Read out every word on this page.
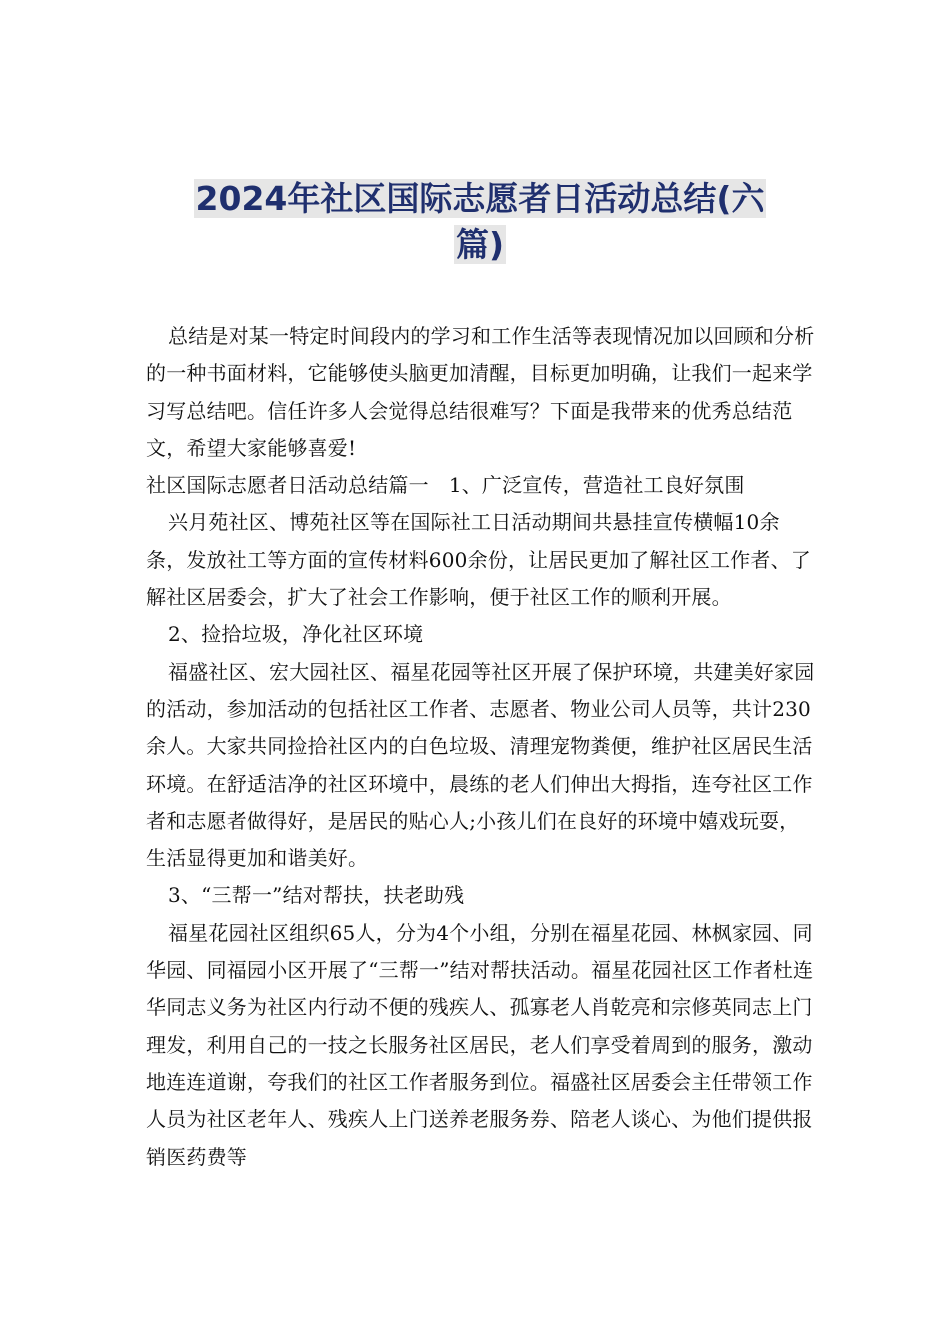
2024年社区国际志愿者日活动总结(六
篇)

总结是对某一特定时间段内的学习和工作生活等表现情况加以回顾和分析的一种书面材料，它能够使头脑更加清醒，目标更加明确，让我们一起来学习写总结吧。信任许多人会觉得总结很难写？下面是我带来的优秀总结范文，希望大家能够喜爱!

社区国际志愿者日活动总结篇一 1、广泛宣传，营造社工良好氛围

兴月苑社区、博苑社区等在国际社工日活动期间共悬挂宣传横幅10余条，发放社工等方面的宣传材料600余份，让居民更加了解社区工作者、了解社区居委会，扩大了社会工作影响，便于社区工作的顺利开展。

2、捡拾垃圾，净化社区环境

福盛社区、宏大园社区、福星花园等社区开展了保护环境，共建美好家园的活动，参加活动的包括社区工作者、志愿者、物业公司人员等，共计230余人。大家共同捡拾社区内的白色垃圾、清理宠物粪便，维护社区居民生活环境。在舒适洁净的社区环境中，晨练的老人们伸出大拇指，连夸社区工作者和志愿者做得好，是居民的贴心人;小孩儿们在良好的环境中嬉戏玩耍，生活显得更加和谐美好。

3、“三帮一”结对帮扶，扶老助残

福星花园社区组织65人，分为4个小组，分别在福星花园、林枫家园、同华园、同福园小区开展了“三帮一”结对帮扶活动。福星花园社区工作者杜连华同志义务为社区内行动不便的残疾人、孤寡老人肖乾亮和宗修英同志上门理发，利用自己的一技之长服务社区居民，老人们享受着周到的服务，激动地连连道谢，夸我们的社区工作者服务到位。福盛社区居委会主任带领工作人员为社区老年人、残疾人上门送养老服务券、陪老人谈心、为他们提供报销医药费等
